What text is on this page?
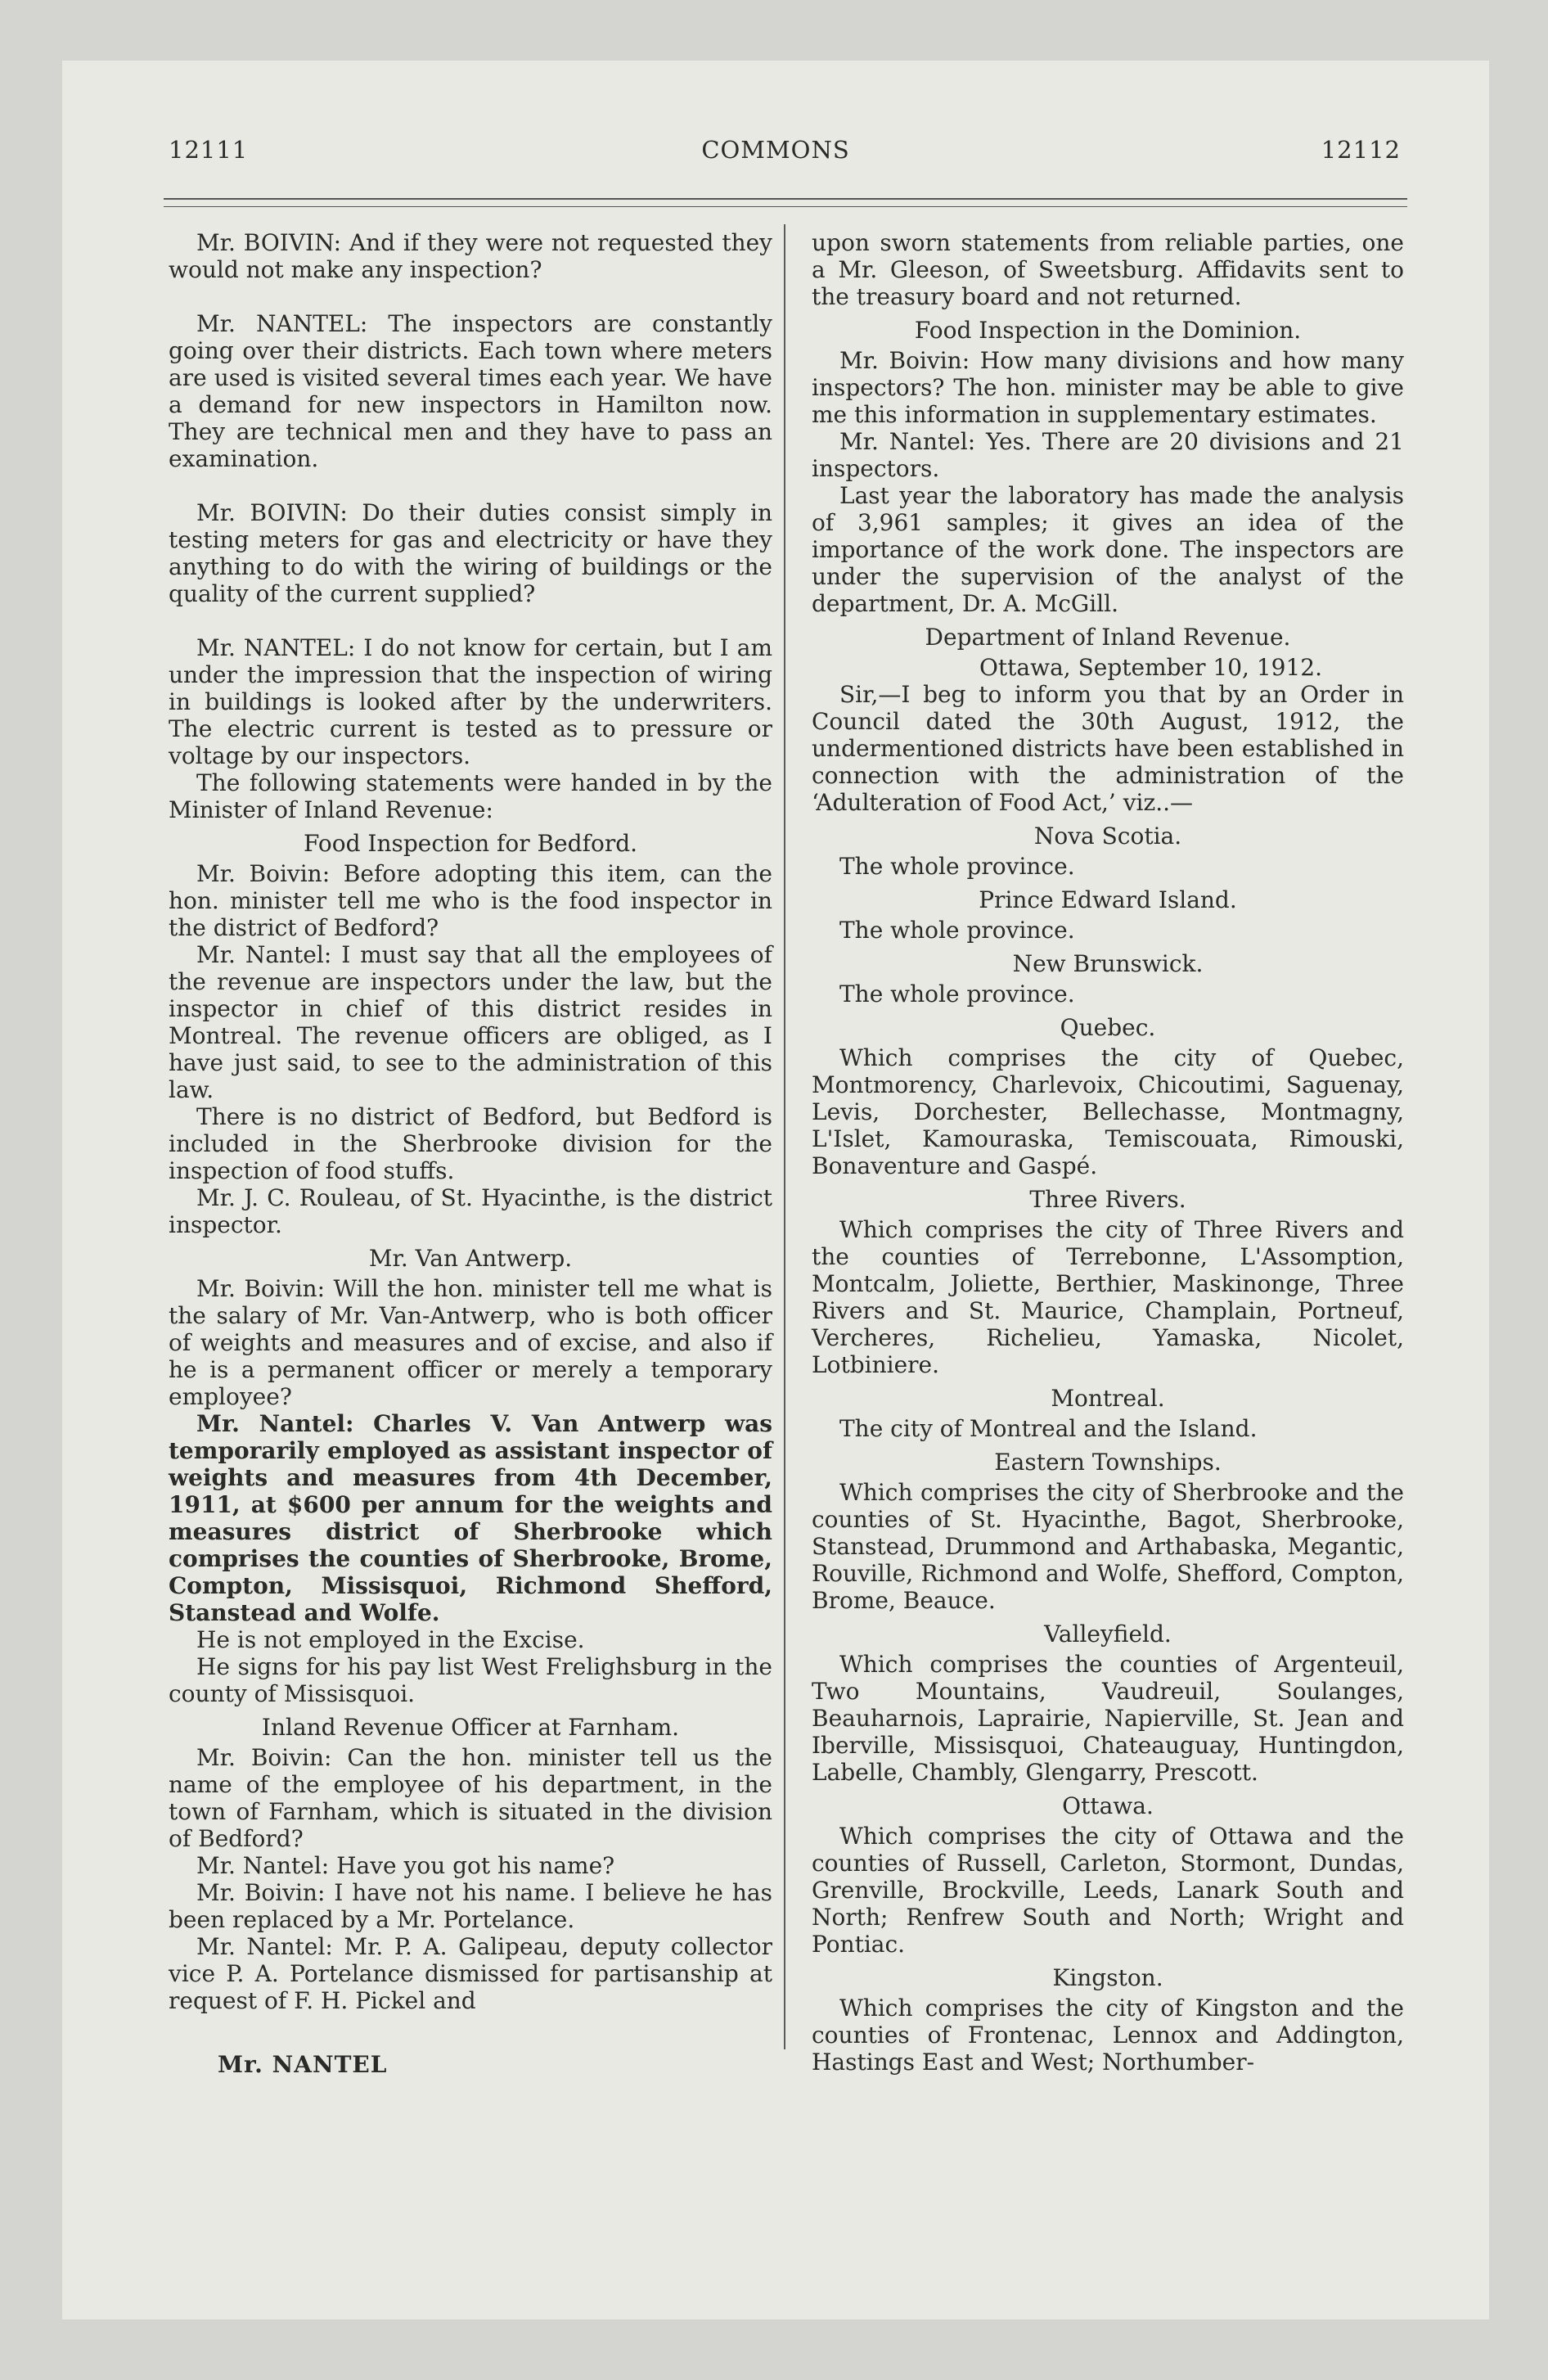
12111	COMMONS	12112

Mr. BOIVIN: And if they were not requested they would not make any inspection?

Mr. NANTEL: The inspectors are constantly going over their districts. Each town where meters are used is visited several times each year. We have a demand for new inspectors in Hamilton now. They are technical men and they have to pass an examination.

Mr. BOIVIN: Do their duties consist simply in testing meters for gas and electricity or have they anything to do with the wiring of buildings or the quality of the current supplied?

Mr. NANTEL: I do not know for certain, but I am under the impression that the inspection of wiring in buildings is looked after by the underwriters. The electric current is tested as to pressure or voltage by our inspectors.

The following statements were handed in by the Minister of Inland Revenue:

Food Inspection for Bedford.

Mr. Boivin: Before adopting this item, can the hon. minister tell me who is the food inspector in the district of Bedford?

Mr. Nantel: I must say that all the employees of the revenue are inspectors under the law, but the inspector in chief of this district resides in Montreal. The revenue officers are obliged, as I have just said, to see to the administration of this law.

There is no district of Bedford, but Bedford is included in the Sherbrooke division for the inspection of food stuffs.

Mr. J. C. Rouleau, of St. Hyacinthe, is the district inspector.

Mr. Van Antwerp.

Mr. Boivin: Will the hon. minister tell me what is the salary of Mr. Van-Antwerp, who is both officer of weights and measures and of excise, and also if he is a permanent officer or merely a temporary employee?

Mr. Nantel: Charles V. Van Antwerp was temporarily employed as assistant inspector of weights and measures from 4th December, 1911, at $600 per annum for the weights and measures district of Sherbrooke which comprises the counties of Sherbrooke, Brome, Compton, Missisquoi, Richmond Shefford, Stanstead and Wolfe.

He is not employed in the Excise.

He signs for his pay list West Frelighsburg in the county of Missisquoi.

Inland Revenue Officer at Farnham.

Mr. Boivin: Can the hon. minister tell us the name of the employee of his department, in the town of Farnham, which is situated in the division of Bedford?

Mr. Nantel: Have you got his name?

Mr. Boivin: I have not his name. I believe he has been replaced by a Mr. Portelance.

Mr. Nantel: Mr. P. A. Galipeau, deputy collector vice P. A. Portelance dismissed for partisanship at request of F. H. Pickel and

upon sworn statements from reliable parties, one a Mr. Gleeson, of Sweetsburg. Affidavits sent to the treasury board and not returned.

Food Inspection in the Dominion.

Mr. Boivin: How many divisions and how many inspectors? The hon. minister may be able to give me this information in supplementary estimates.

Mr. Nantel: Yes. There are 20 divisions and 21 inspectors.

Last year the laboratory has made the analysis of 3,961 samples; it gives an idea of the importance of the work done. The inspectors are under the supervision of the analyst of the department, Dr. A. McGill.

Department of Inland Revenue.

Ottawa, September 10, 1912.

Sir,—I beg to inform you that by an Order in Council dated the 30th August, 1912, the undermentioned districts have been established in connection with the administration of the ‘Adulteration of Food Act,’ viz..—

Nova Scotia.

The whole province.

Prince Edward Island.

The whole province.

New Brunswick.

The whole province.

Quebec.

Which comprises the city of Quebec, Montmorency, Charlevoix, Chicoutimi, Saguenay, Levis, Dorchester, Bellechasse, Montmagny, L'Islet, Kamouraska, Temiscouata, Rimouski, Bonaventure and Gaspé.

Three Rivers.

Which comprises the city of Three Rivers and the counties of Terrebonne, L'Assomption, Montcalm, Joliette, Berthier, Maskinonge, Three Rivers and St. Maurice, Champlain, Portneuf, Vercheres, Richelieu, Yamaska, Nicolet, Lotbiniere.

Montreal.

The city of Montreal and the Island.

Eastern Townships.

Which comprises the city of Sherbrooke and the counties of St. Hyacinthe, Bagot, Sherbrooke, Stanstead, Drummond and Arthabaska, Megantic, Rouville, Richmond and Wolfe, Shefford, Compton, Brome, Beauce.

Valleyfield.

Which comprises the counties of Argenteuil, Two Mountains, Vaudreuil, Soulanges, Beauharnois, Laprairie, Napierville, St. Jean and Iberville, Missisquoi, Chateauguay, Huntingdon, Labelle, Chambly, Glengarry, Prescott.

Ottawa.

Which comprises the city of Ottawa and the counties of Russell, Carleton, Stormont, Dundas, Grenville, Brockville, Leeds, Lanark South and North; Renfrew South and North; Wright and Pontiac.

Kingston.

Which comprises the city of Kingston and the counties of Frontenac, Lennox and Addington, Hastings East and West; Northumber-

Mr. NANTEL
